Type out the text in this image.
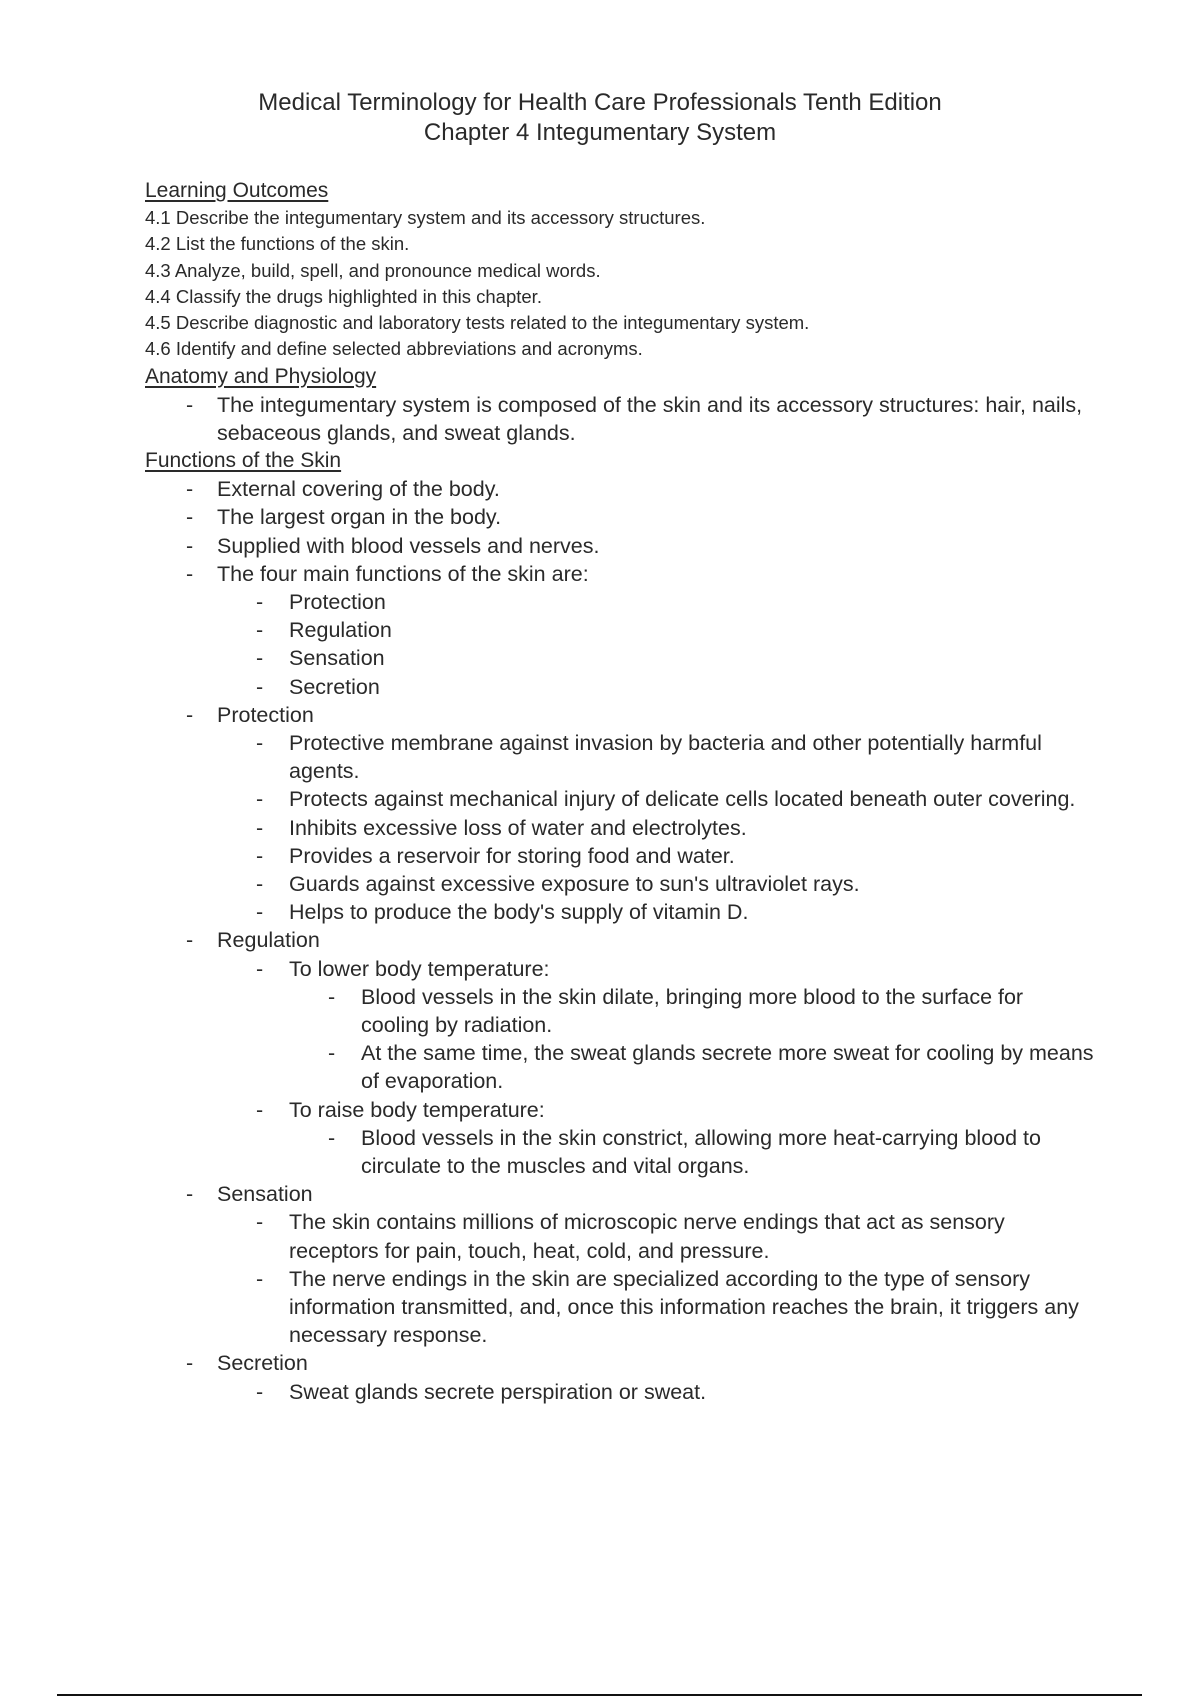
Medical Terminology for Health Care Professionals Tenth Edition
Chapter 4 Integumentary System
Learning Outcomes
4.1 Describe the integumentary system and its accessory structures.
4.2 List the functions of the skin.
4.3 Analyze, build, spell, and pronounce medical words.
4.4 Classify the drugs highlighted in this chapter.
4.5 Describe diagnostic and laboratory tests related to the integumentary system.
4.6 Identify and define selected abbreviations and acronyms.
Anatomy and Physiology
- The integumentary system is composed of the skin and its accessory structures: hair, nails, sebaceous glands, and sweat glands.
Functions of the Skin
- External covering of the body.
- The largest organ in the body.
- Supplied with blood vessels and nerves.
- The four main functions of the skin are:
- Protection
- Regulation
- Sensation
- Secretion
- Protection
- Protective membrane against invasion by bacteria and other potentially harmful agents.
- Protects against mechanical injury of delicate cells located beneath outer covering.
- Inhibits excessive loss of water and electrolytes.
- Provides a reservoir for storing food and water.
- Guards against excessive exposure to sun's ultraviolet rays.
- Helps to produce the body's supply of vitamin D.
- Regulation
- To lower body temperature:
- Blood vessels in the skin dilate, bringing more blood to the surface for cooling by radiation.
- At the same time, the sweat glands secrete more sweat for cooling by means of evaporation.
- To raise body temperature:
- Blood vessels in the skin constrict, allowing more heat-carrying blood to circulate to the muscles and vital organs.
- Sensation
- The skin contains millions of microscopic nerve endings that act as sensory receptors for pain, touch, heat, cold, and pressure.
- The nerve endings in the skin are specialized according to the type of sensory information transmitted, and, once this information reaches the brain, it triggers any necessary response.
- Secretion
- Sweat glands secrete perspiration or sweat.
